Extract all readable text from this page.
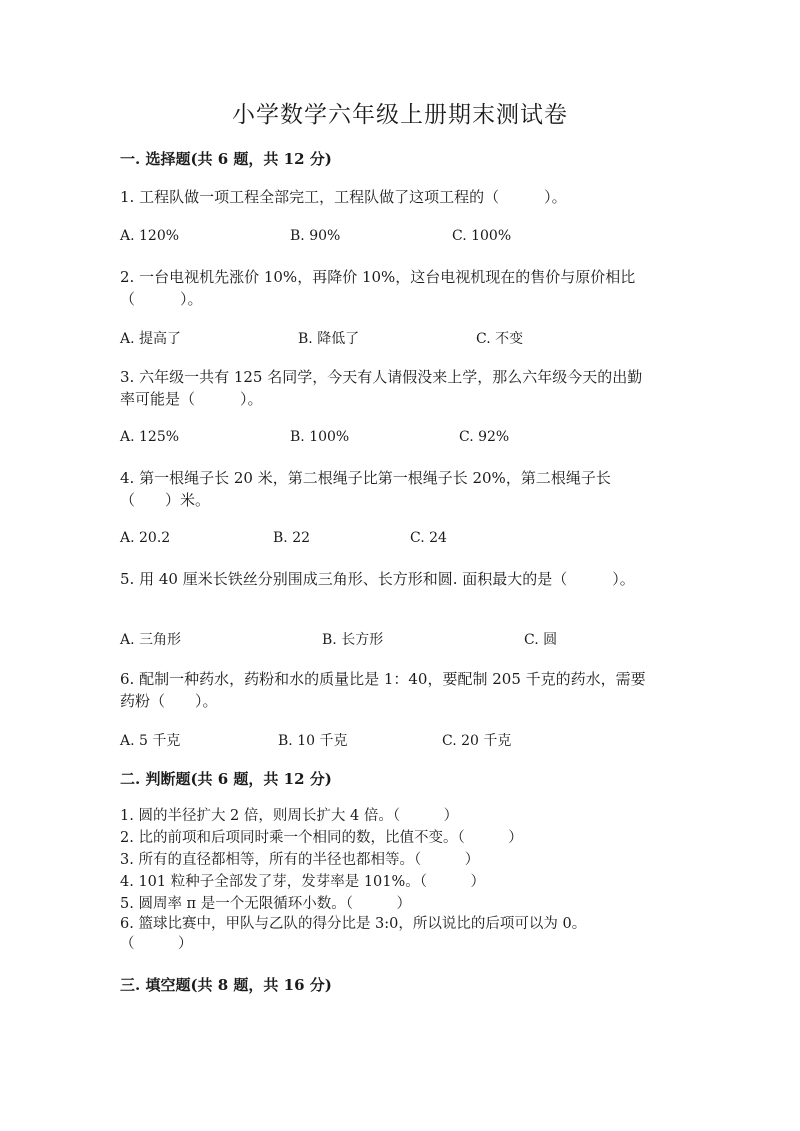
小学数学六年级上册期末测试卷
一. 选择题(共 6 题，共 12 分)
1. 工程队做一项工程全部完工，工程队做了这项工程的（　　　）。
A. 120%	B. 90%	C. 100%
2. 一台电视机先涨价 10%，再降价 10%，这台电视机现在的售价与原价相比
（　　　）。
A. 提高了	B. 降低了	C. 不变
3. 六年级一共有 125 名同学，今天有人请假没来上学，那么六年级今天的出勤
率可能是（　　　）。
A. 125%	B. 100%	C. 92%
4. 第一根绳子长 20 米，第二根绳子比第一根绳子长 20%，第二根绳子长
（　　）米。
A. 20.2	B. 22	C. 24
5. 用 40 厘米长铁丝分别围成三角形、长方形和圆. 面积最大的是（　　　）。
A. 三角形	B. 长方形	C. 圆
6. 配制一种药水，药粉和水的质量比是 1：40，要配制 205 千克的药水，需要
药粉（　　）。
A. 5 千克	B. 10 千克	C. 20 千克
二. 判断题(共 6 题，共 12 分)
1. 圆的半径扩大 2 倍，则周长扩大 4 倍。（　　　）
2. 比的前项和后项同时乘一个相同的数，比值不变。（　　　）
3. 所有的直径都相等，所有的半径也都相等。（　　　）
4. 101 粒种子全部发了芽，发芽率是 101%。（　　　）
5. 圆周率 π 是一个无限循环小数。（　　　）
6. 篮球比赛中，甲队与乙队的得分比是 3:0，所以说比的后项可以为 0。
（　　　）
三. 填空题(共 8 题，共 16 分)
